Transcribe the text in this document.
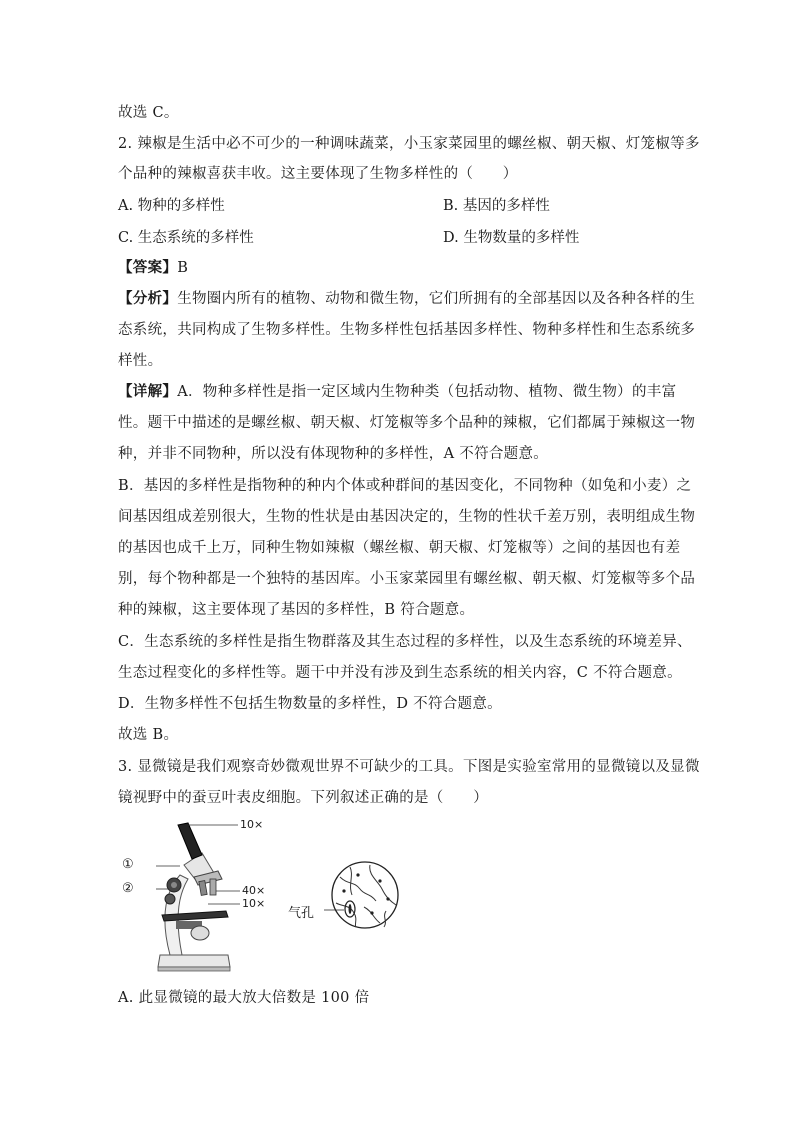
故选 C。
2. 辣椒是生活中必不可少的一种调味蔬菜，小玉家菜园里的螺丝椒、朝天椒、灯笼椒等多
个品种的辣椒喜获丰收。这主要体现了生物多样性的（　　）
A. 物种的多样性	B. 基因的多样性
C. 生态系统的多样性	D. 生物数量的多样性
【答案】B
【分析】生物圈内所有的植物、动物和微生物，它们所拥有的全部基因以及各种各样的生
态系统，共同构成了生物多样性。生物多样性包括基因多样性、物种多样性和生态系统多
样性。
【详解】A．物种多样性是指一定区域内生物种类（包括动物、植物、微生物）的丰富
性。题干中描述的是螺丝椒、朝天椒、灯笼椒等多个品种的辣椒，它们都属于辣椒这一物
种，并非不同物种，所以没有体现物种的多样性，A 不符合题意。
B．基因的多样性是指物种的种内个体或种群间的基因变化，不同物种（如兔和小麦）之
间基因组成差别很大，生物的性状是由基因决定的，生物的性状千差万别，表明组成生物
的基因也成千上万，同种生物如辣椒（螺丝椒、朝天椒、灯笼椒等）之间的基因也有差
别，每个物种都是一个独特的基因库。小玉家菜园里有螺丝椒、朝天椒、灯笼椒等多个品
种的辣椒，这主要体现了基因的多样性，B 符合题意。
C．生态系统的多样性是指生物群落及其生态过程的多样性，以及生态系统的环境差异、
生态过程变化的多样性等。题干中并没有涉及到生态系统的相关内容，C 不符合题意。
D．生物多样性不包括生物数量的多样性，D 不符合题意。
故选 B。
3. 显微镜是我们观察奇妙微观世界不可缺少的工具。下图是实验室常用的显微镜以及显微
镜视野中的蚕豆叶表皮细胞。下列叙述正确的是（　　）
10×
①
②	40×
10×
气孔
A. 此显微镜的最大放大倍数是 100 倍
